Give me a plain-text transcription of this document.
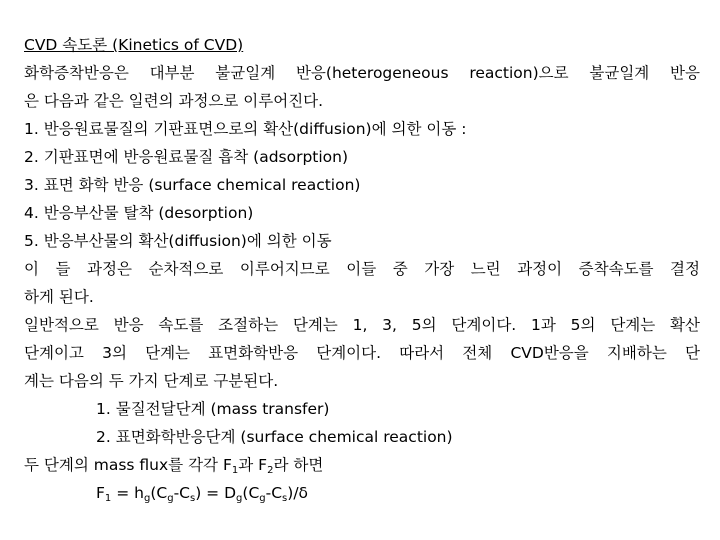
CVD 속도론 (Kinetics of CVD)
화학증착반응은 대부분 불균일계 반응(heterogeneous reaction)으로 불균일계 반응
은 다음과 같은 일련의 과정으로 이루어진다.
1. 반응원료물질의 기판표면으로의 확산(diffusion)에 의한 이동 :
2. 기판표면에 반응원료물질 흡착 (adsorption)
3. 표면 화학 반응 (surface chemical reaction)
4. 반응부산물 탈착 (desorption)
5. 반응부산물의 확산(diffusion)에 의한 이동
이 들 과정은 순차적으로 이루어지므로 이들 중 가장 느린 과정이 증착속도를 결정
하게 된다.
일반적으로 반응 속도를 조절하는 단계는 1, 3, 5의 단계이다. 1과 5의 단계는 확산
단계이고 3의 단계는 표면화학반응 단계이다. 따라서 전체 CVD반응을 지배하는 단
계는 다음의 두 가지 단계로 구분된다.
1. 물질전달단계 (mass transfer)
2. 표면화학반응단계 (surface chemical reaction)
두 단계의 mass flux를 각각 $F_1$과 $F_2$라 하면
$F_1 = h_g(C_g-C_s) = D_g(C_g-C_s)/\delta$
